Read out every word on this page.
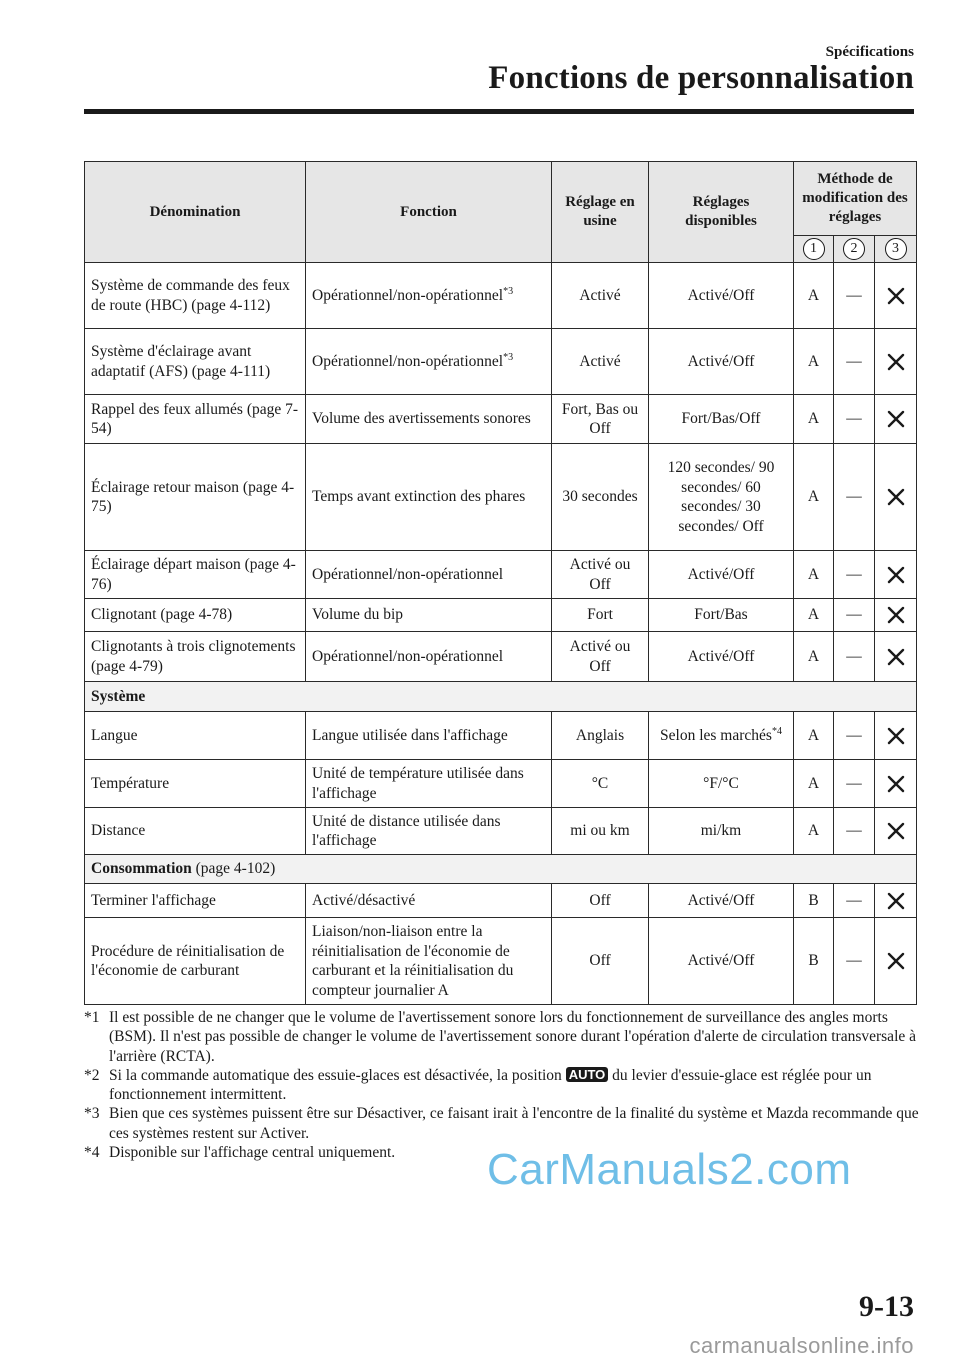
Spécifications
Fonctions de personnalisation
Dénomination	Fonction	Réglage en usine	Réglages disponibles	Méthode de modification des réglages		
				1	2	3
Système de commande des feux de route (HBC) (page 4-112)	Opérationnel/non-opérationnel$^{*3}$	Activé	Activé/Off	A	—	
Système d'éclairage avant adaptatif (AFS) (page 4-111)	Opérationnel/non-opérationnel$^{*3}$	Activé	Activé/Off	A	—	
Rappel des feux allumés (page 7-54)	Volume des avertissements sonores	Fort, Bas ou Off	Fort/Bas/Off	A	—	
Éclairage retour maison (page 4-75)	Temps avant extinction des phares	30 secondes	120 secondes/ 90 secondes/ 60 secondes/ 30 secondes/ Off	A	—	
Éclairage départ maison (page 4-76)	Opérationnel/non-opérationnel	Activé ou Off	Activé/Off	A	—	
Clignotant (page 4-78)	Volume du bip	Fort	Fort/Bas	A	—	
Clignotants à trois clignotements (page 4-79)	Opérationnel/non-opérationnel	Activé ou Off	Activé/Off	A	—	
Système						
Langue	Langue utilisée dans l'affichage	Anglais	Selon les marchés$^{*4}$	A	—	
Température	Unité de température utilisée dans l'affichage	°C	°F/°C	A	—	
Distance	Unité de distance utilisée dans l'affichage	mi ou km	mi/km	A	—	
Consommation (page 4-102)						
Terminer l'affichage	Activé/désactivé	Off	Activé/Off	B	—	
Procédure de réinitialisation de l'économie de carburant	Liaison/non-liaison entre la réinitialisation de l'économie de carburant et la réinitialisation du compteur journalier A	Off	Activé/Off	B	—	
*1 Il est possible de ne changer que le volume de l'avertissement sonore lors du fonctionnement de surveillance des angles morts (BSM). Il n'est pas possible de changer le volume de l'avertissement sonore durant l'opération d'alerte de circulation transversale à l'arrière (RCTA).
*2 Si la commande automatique des essuie-glaces est désactivée, la position AUTO du levier d'essuie-glace est réglée pour un fonctionnement intermittent.
*3 Bien que ces systèmes puissent être sur Désactiver, ce faisant irait à l'encontre de la finalité du système et Mazda recommande que ces systèmes restent sur Activer.
*4 Disponible sur l'affichage central uniquement.	CarManuals2.com
9-13
carmanualsonline.info
